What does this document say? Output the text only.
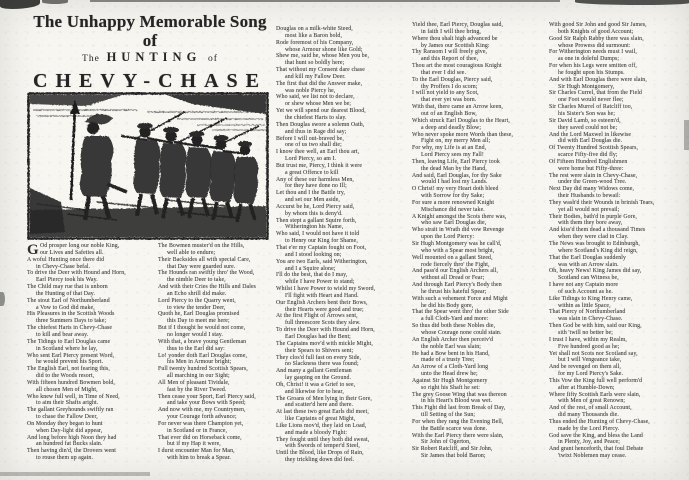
The Unhappy Memorable Song of
The HUNTING of
CHEVY-CHASE
G Od prosper long our noble King,
our Lives and Safeties all.
A woful Hunting once there did
in Chevy-Chase befal.
To drive the Deer with Hound and Horn,
Earl Piercy took his Way.
The Child may rue that is unborn
the Hunting of that Day.
The stout Earl of Northumberland
a Vow to God did make,
His Pleasures in the Scottish Woods
three Summers Days to take;
The chiefest Harts in Chevy-Chase
to kill and bear away.
The Tidings to Earl Douglas came
in Scotland where he lay,
Who sent Earl Piercy present Word,
he would prevent his Sport.
The English Earl, not fearing this,
did to the Woods resort,
With fifteen hundred Bowmen bold,
all chosen Men of Might,
Who knew full well, in Time of Need,
to aim their Shafts aright.
The gallant Greyhounds swiftly ran
to chase the Fallow Deer,
On Monday they began to hunt
when Day-light did appear,
And long before high Noon they had
an hundred fat Bucks slain.
Then having din'd, the Drovers went
to rouse them up again.
The Bowmen muster'd on the Hills,
well able to endure;
Their Backsides all with special Care,
that Day were guarded sure.
The Hounds ran swiftly thro' the Wood,
the nimble Deer to take,
And with their Cries the Hills and Dales
an Echo shrill did make.
Lord Piercy to the Quarry went,
to view the tender Deer,
Quoth he, Earl Douglas promised
this Day to meet me here;
But if I thought he would not come,
no longer would I stay.
With that, a brave young Gentleman
thus to the Earl did say:
Lo! yonder doth Earl Douglas come,
his Men in Armour bright;
Full twenty hundred Scottish Spears,
all marching in our Sight;
All Men of pleasant Tividale,
fast by the River Tweed.
Then cease your Sport, Earl Piercy said,
and take your Bows with Speed;
And now with me, my Countrymen,
your Courage forth advance;
For never was there Champion yet,
in Scotland or in France,
That ever did on Horseback come,
but if my Hap it were,
I durst encounter Man for Man,
with him to break a Spear.
Douglas on a milk-white Steed,
most like a Baron bold,
Rode foremost of his Company,
whose Armour shone like Gold;
Shew me, said he, whose Men you be,
that hunt so boldly here;
That without my Consent dare chase
and kill my Fallow Deer.
The first that did the Answer make,
was noble Piercy he,
Who said, we list not to declare,
or shew whose Men we be;
Yet we will spend our dearest Blood,
the chiefest Harts to slay.
Then Douglas swore a solemn Oath,
and thus in Rage did say;
Before I will out-braved be,
one of us two shall die;
I know thee well, an Earl thou art,
Lord Piercy, so am I.
But trust me, Piercy, I think it were
a great Offence to kill
Any of these our harmless Men,
for they have done no Ill;
Let thou and I the Battle try,
and set our Men aside,
Accurst be he, Lord Piercy said,
by whom this is deny'd.
Then stept a gallant Squire forth,
Witherington his Name,
Who said, I would not have it told
to Henry our King for Shame,
That e'er my Captain fought on Foot,
and I stood looking on;
You are two Earls, said Witherington,
and I a Squire alone;
I'll do the best, that do I may,
while I have Power to stand;
Whilst I have Power to wield my Sword,
I'll fight with Heart and Hand.
Our English Archers bent their Bows,
their Hearts were good and true;
At the first Flight of Arrows sent,
full threescore Scots they slew.
To drive the Deer with Hound and Horn,
Earl Douglas had the Bent;
The Captains mov'd with mickle Might,
their Spears to Shivers sent;
They clos'd full fast on every Side,
no Slackness there was found;
And many a gallant Gentleman
lay gasping on the Ground.
Oh, Christ! it was a Grief to see,
and likewise for to hear,
The Groans of Men lying in their Gore,
and scatter'd here and there.
At last these two great Earls did meet,
like Captains of great Might,
Like Lions mov'd, they laid on Load,
and made a bloody Fight:
They fought until they both did sweat,
with Swords of temper'd Steel,
Until the Blood, like Drops of Rain,
they trickling down did feel.
Yield thee, Earl Piercy, Douglas said,
in faith I will thee bring,
Where thou shalt high advanced be
by James our Scottish King:
Thy Ransom I will freely give,
and this Report of thee,
Thou art the most couragious Knight
that ever I did see.
To the Earl Douglas, Piercy said,
thy Proffers I do scorn;
I will not yield to any Scot,
that ever yet was born.
With that, there came an Arrow keen,
out of an English Bow,
Which struck Earl Douglas to the Heart,
a deep and deadly Blow;
Who never spoke more Words than these,
Fight on, my merry Men all;
For why, my Life is at an End,
Lord Piercy sees my Fall!
Then, leaving Life, Earl Piercy took
the dead Man by the Hand,
And said, Earl Douglas, for thy Sake
would I had lost my Lands.
O Christ! my very Heart doth bleed
with Sorrow for thy Sake;
For sure a more renowned Knight
Mischance did never take.
A Knight amongst the Scots there was,
who saw Earl Douglas die,
Who strait in Wrath did vow Revenge
upon the Lord Piercy:
Sir Hugh Montgomery was he call'd,
who with a Spear most bright,
Well mounted on a gallant Steed,
rode fiercely thro' the Fight,
And pass'd our English Archers all,
without all Dread or Fear;
And through Earl Piercy's Body then
he thrust his hateful Spear;
With such a vehement Force and Might
he did his Body gore,
That the Spear went thro' the other Side
a full Cloth-Yard and more:
So thus did both these Nobles die,
whose Courage none could stain.
An English Archer then perceiv'd
the noble Earl was slain;
He had a Bow bent in his Hand,
made of a trusty Tree;
An Arrow of a Cloth-Yard long
unto the Head drew he;
Against Sir Hugh Montgomery
so right his Shaft he set:
The grey Goose Wing that was thereon
in his Heart's Blood was wet.
This Fight did last from Break of Day,
till Setting of the Sun;
For when they rang the Evening Bell,
the Battle scarce was done.
With the Earl Piercy there were slain,
Sir John of Ogerton,
Sir Robert Ratcliff, and Sir John,
Sir James that bold Baron;
With good Sir John and good Sir James,
both Knights of good Account;
Good Sir Ralph Rabby there was slain,
whose Prowess did surmount:
For Witherington needs must I wail,
as one in doleful Dumps;
For when his Legs were smitten off,
he fought upon his Stumps.
And with Earl Douglas there were slain,
Sir Hugh Montgomery,
Sir Charles Currel, that from the Field
one Foot would never flee;
Sir Charles Murrel of Ratcliff too,
his Sister's Son was he;
Sir David Lamb, so esteem'd,
they saved could not be;
And the Lord Maxwel in likewise
did with Earl Douglas die.
Of Twenty Hundred Scottish Spears,
scarce Fifty-five did fly;
Of Fifteen Hundred Englishmen
were home but Fifty-three:
The rest were slain in Chevy-Chase,
under the Green-wood Tree.
Next Day did many Widows come,
their Husbands to bewail:
They wash'd their Wounds in brinish Tears,
yet all would not prevail;
Their Bodies, bath'd in purple Gore,
with them they bore away,
And kiss'd them dead a thousand Times
when they were clad in Clay.
The News was brought to Edinburgh,
where Scotland's King did reign,
That the Earl Douglas suddenly
was with an Arrow slain.
Oh, heavy News! King James did say,
Scotland can Witness be,
I have not any Captain more
of such Account as he.
Like Tidings to King Henry came,
within as little Space,
That Piercy of Northumberland
was slain in Chevy-Chase.
Then God be with him, said our King,
sith 'twill no better be;
I trust I have, within my Realm,
Five hundred good as he;
Yet shall not Scots nor Scotland say,
but I will Vengeance take,
And be revenged on them all,
for my Lord Piercy's Sake.
This Vow the King full well perform'd
after at Humble-Down;
Where fifty Scottish Earls were slain,
with Men of great Renown;
And of the rest, of small Account,
did many Thousands die.
Thus ended the Hunting of Chevy-Chase,
made by the Lord Piercy.
God save the King, and bless the Land
in Plenty, Joy, and Peace;
And grant henceforth, that foul Debate
'twixt Noblemen may cease.
